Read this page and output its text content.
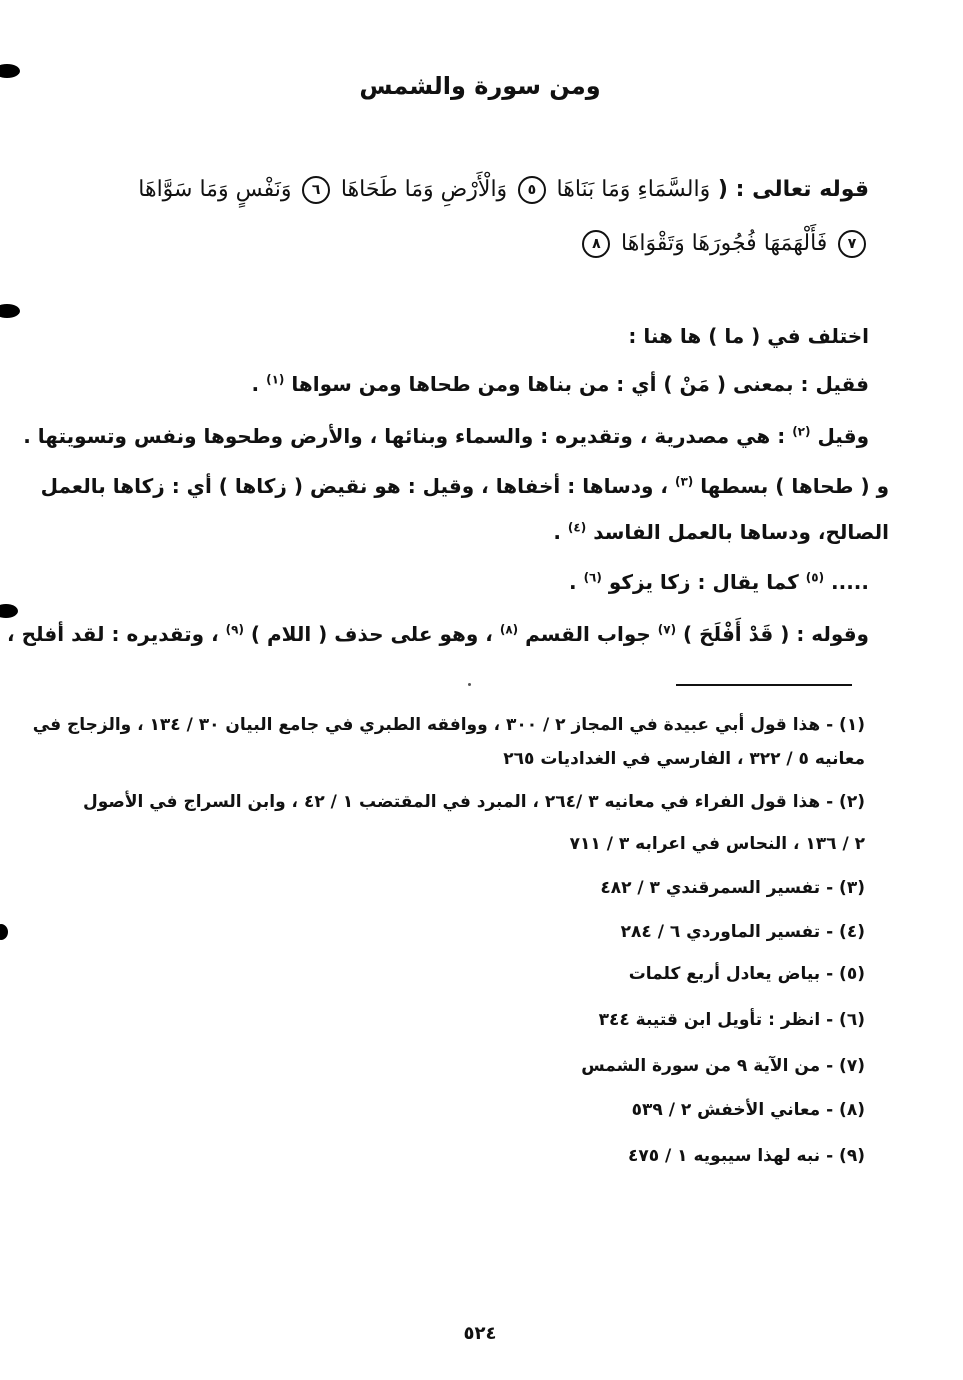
ومن سورة والشمس
قوله تعالى : ( وَالسَّمَاءِ وَمَا بَنَاهَا ٥ وَالْأَرْضِ وَمَا طَحَاهَا ٦ وَنَفْسٍ وَمَا سَوَّاهَا
٧ فَأَلْهَمَهَا فُجُورَهَا وَتَقْوَاهَا ٨
اختلف في ( ما ) ها هنا :
فقيل : بمعنى ( مَنْ ) أي : من بناها ومن طحاها ومن سواها $^{(١)}$ .
وقيل $^{(٢)}$ : هي مصدرية ، وتقديره : والسماء وبنائها ، والأرض وطحوها ونفس وتسويتها .
و ( طحاها ) بسطها $^{(٣)}$ ، ودساها : أخفاها ، وقيل : هو نقيض ( زكاها ) أي : زكاها بالعمل
الصالح، ودساها بالعمل الفاسد $^{(٤)}$ .
..... $^{(٥)}$ كما يقال : زكا يزكو $^{(٦)}$ .
وقوله : ( قَدْ أَفْلَحَ ) $^{(٧)}$ جواب القسم $^{(٨)}$ ، وهو على حذف ( اللام ) $^{(٩)}$ ، وتقديره : لقد أفلح ،
(١) - هذا قول أبي عبيدة في المجاز ٢ / ٣٠٠ ، ووافقه الطبري في جامع البيان ٣٠ / ١٣٤ ، والزجاج في
معانيه ٥ / ٣٢٢ ، الفارسي في الغداديات ٢٦٥
(٢) - هذا قول الفراء في معانيه ٣ /٢٦٤ ، المبرد في المقتضب ١ / ٤٢ ، وابن السراج في الأصول
٢ / ١٣٦ ، النحاس في اعرابه ٣ / ٧١١
(٣) - تفسير السمرقندي ٣ / ٤٨٢
(٤) - تفسير الماوردي ٦ / ٢٨٤
(٥) - بياض يعادل أربع كلمات
(٦) - انظر : تأويل ابن قتيبة ٣٤٤
(٧) - من الآية ٩ من سورة الشمس
(٨) - معاني الأخفش ٢ / ٥٣٩
(٩) - نبه لهذا سيبويه ١ / ٤٧٥
٥٢٤
